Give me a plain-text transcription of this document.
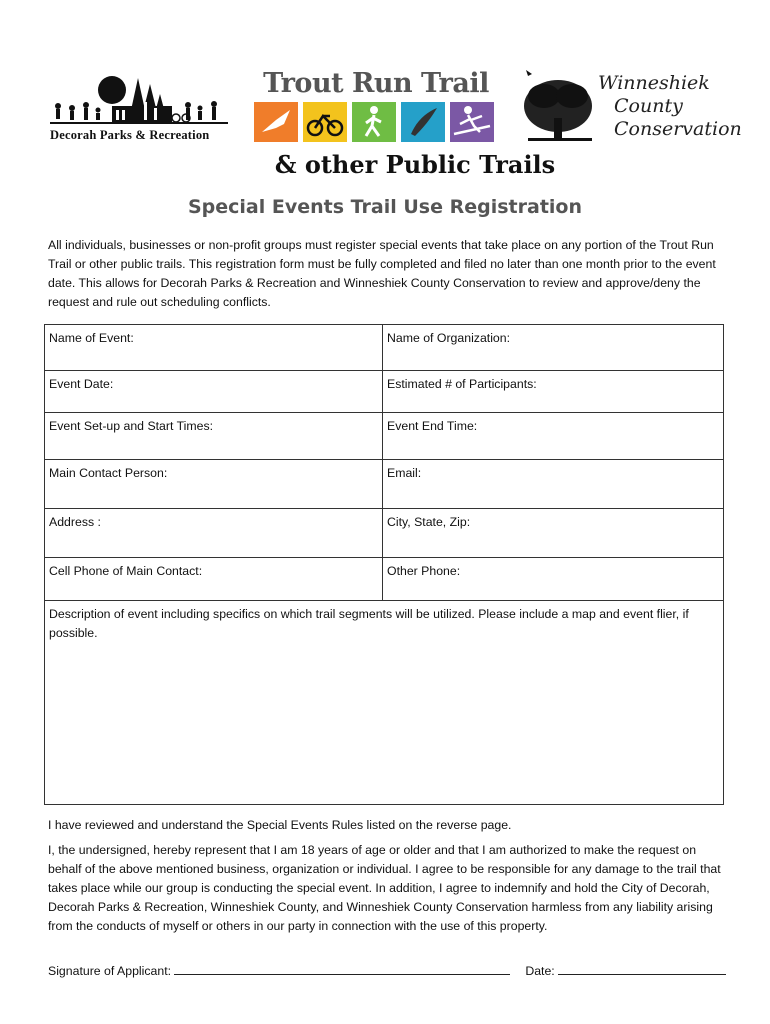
Decorah Parks & Recreation
Trout Run Trail	Winneshiek
County
Conservation
& other Public Trails
Special Events Trail Use Registration
All individuals, businesses or non-profit groups must register special events that take place on any portion of the Trout Run Trail or other public trails. This registration form must be fully completed and filed no later than one month prior to the event date. This allows for Decorah Parks & Recreation and Winneshiek County Conservation to review and approve/deny the request and rule out scheduling conflicts.
Name of Event:	Name of Organization:
Event Date:	Estimated # of Participants:
Event Set-up and Start Times:	Event End Time:
Main Contact Person:	Email:
Address :	City, State, Zip:
Cell Phone of Main Contact:	Other Phone:
Description of event including specifics on which trail segments will be utilized. Please include a map and event flier, if possible.
I have reviewed and understand the Special Events Rules listed on the reverse page.
I, the undersigned, hereby represent that I am 18 years of age or older and that I am authorized to make the request on behalf of the above mentioned business, organization or individual. I agree to be responsible for any damage to the trail that takes place while our group is conducting the special event. In addition, I agree to indemnify and hold the City of Decorah, Decorah Parks & Recreation, Winneshiek County, and Winneshiek County Conservation harmless from any liability arising from the conducts of myself or others in our party in connection with the use of this property.
Signature of Applicant:	Date:
